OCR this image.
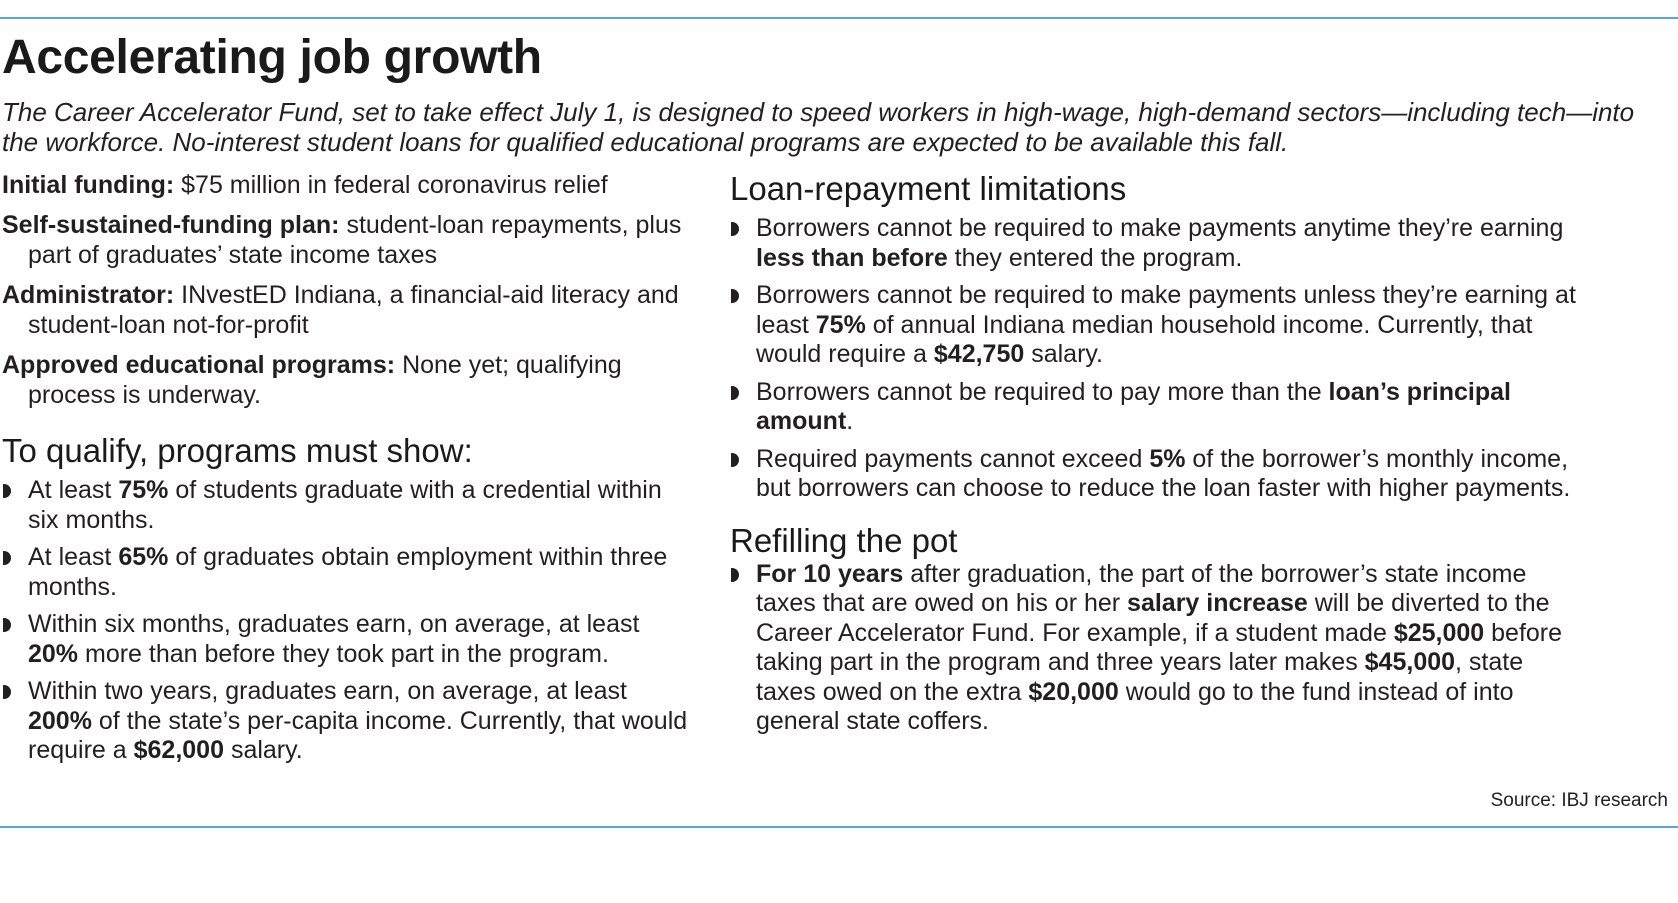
Accelerating job growth
The Career Accelerator Fund, set to take effect July 1, is designed to speed workers in high-wage, high-demand sectors—including tech—into the workforce. No-interest student loans for qualified educational programs are expected to be available this fall.

Initial funding: $75 million in federal coronavirus relief

Self-sustained-funding plan: student-loan repayments, plus part of graduates’ state income taxes

Administrator: INvestED Indiana, a financial-aid literacy and student-loan not-for-profit

Approved educational programs: None yet; qualifying process is underway.

To qualify, programs must show:

At least 75% of students graduate with a credential within six months.

At least 65% of graduates obtain employment within three months.

Within six months, graduates earn, on average, at least 20% more than before they took part in the program.

Within two years, graduates earn, on average, at least 200% of the state’s per-capita income. Currently, that would require a $62,000 salary.

Loan-repayment limitations

Borrowers cannot be required to make payments anytime they’re earning less than before they entered the program.

Borrowers cannot be required to make payments unless they’re earning at least 75% of annual Indiana median household income. Currently, that would require a $42,750 salary.

Borrowers cannot be required to pay more than the loan’s principal amount.

Required payments cannot exceed 5% of the borrower’s monthly income, but borrowers can choose to reduce the loan faster with higher payments.

Refilling the pot

For 10 years after graduation, the part of the borrower’s state income taxes that are owed on his or her salary increase will be diverted to the Career Accelerator Fund. For example, if a student made $25,000 before taking part in the program and three years later makes $45,000, state taxes owed on the extra $20,000 would go to the fund instead of into general state coffers.

Source: IBJ research
